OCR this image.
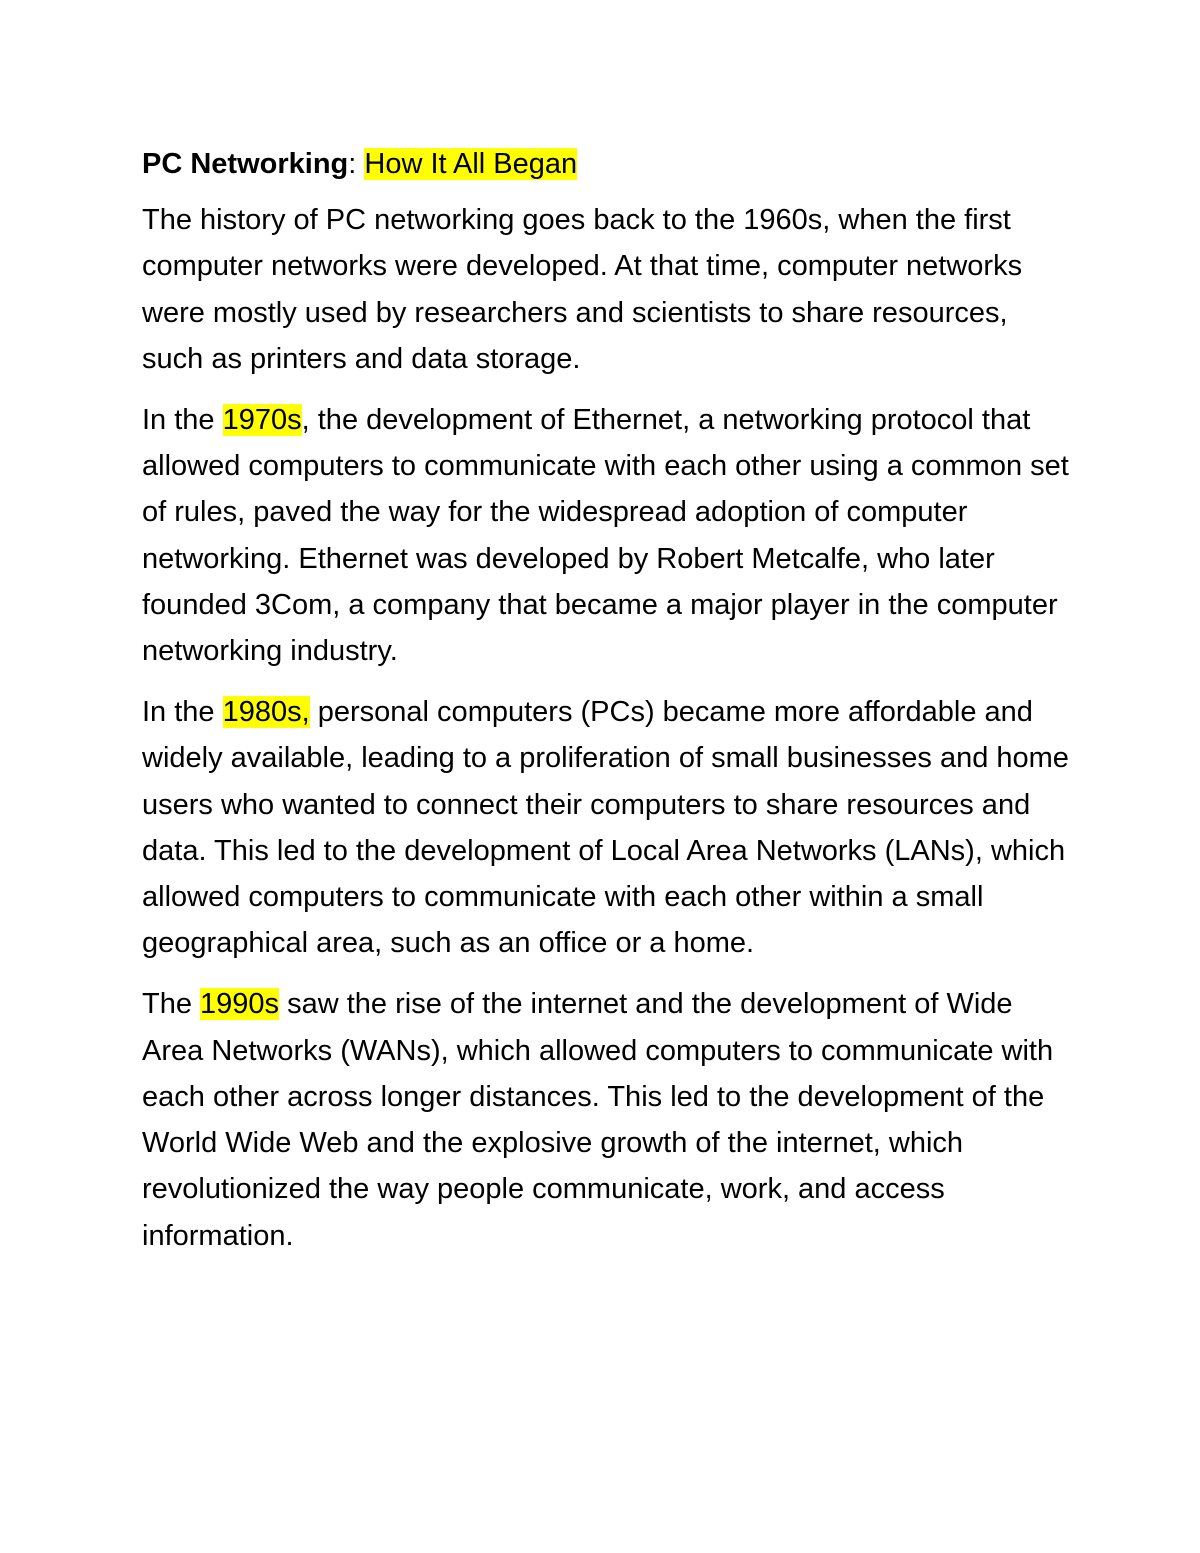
PC Networking: How It All Began

The history of PC networking goes back to the 1960s, when the first computer networks were developed. At that time, computer networks were mostly used by researchers and scientists to share resources, such as printers and data storage.

In the 1970s, the development of Ethernet, a networking protocol that allowed computers to communicate with each other using a common set of rules, paved the way for the widespread adoption of computer networking. Ethernet was developed by Robert Metcalfe, who later founded 3Com, a company that became a major player in the computer networking industry.

In the 1980s, personal computers (PCs) became more affordable and widely available, leading to a proliferation of small businesses and home users who wanted to connect their computers to share resources and data. This led to the development of Local Area Networks (LANs), which allowed computers to communicate with each other within a small geographical area, such as an office or a home.

The 1990s saw the rise of the internet and the development of Wide Area Networks (WANs), which allowed computers to communicate with each other across longer distances. This led to the development of the World Wide Web and the explosive growth of the internet, which revolutionized the way people communicate, work, and access information.
